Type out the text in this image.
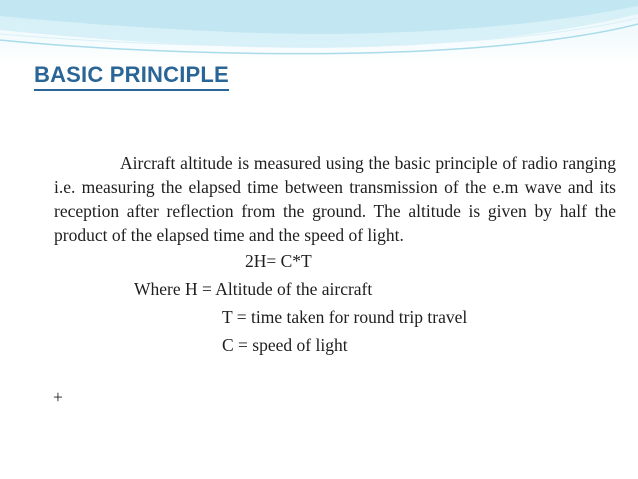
BASIC PRINCIPLE

Aircraft altitude is measured using the basic principle of radio ranging i.e. measuring the elapsed time between transmission of the e.m wave and its reception after reflection from the ground. The altitude is given by half the product of the elapsed time and the speed of light.

2H= C*T

Where H = Altitude of the aircraft

T = time taken for round trip travel

C = speed of light

+
